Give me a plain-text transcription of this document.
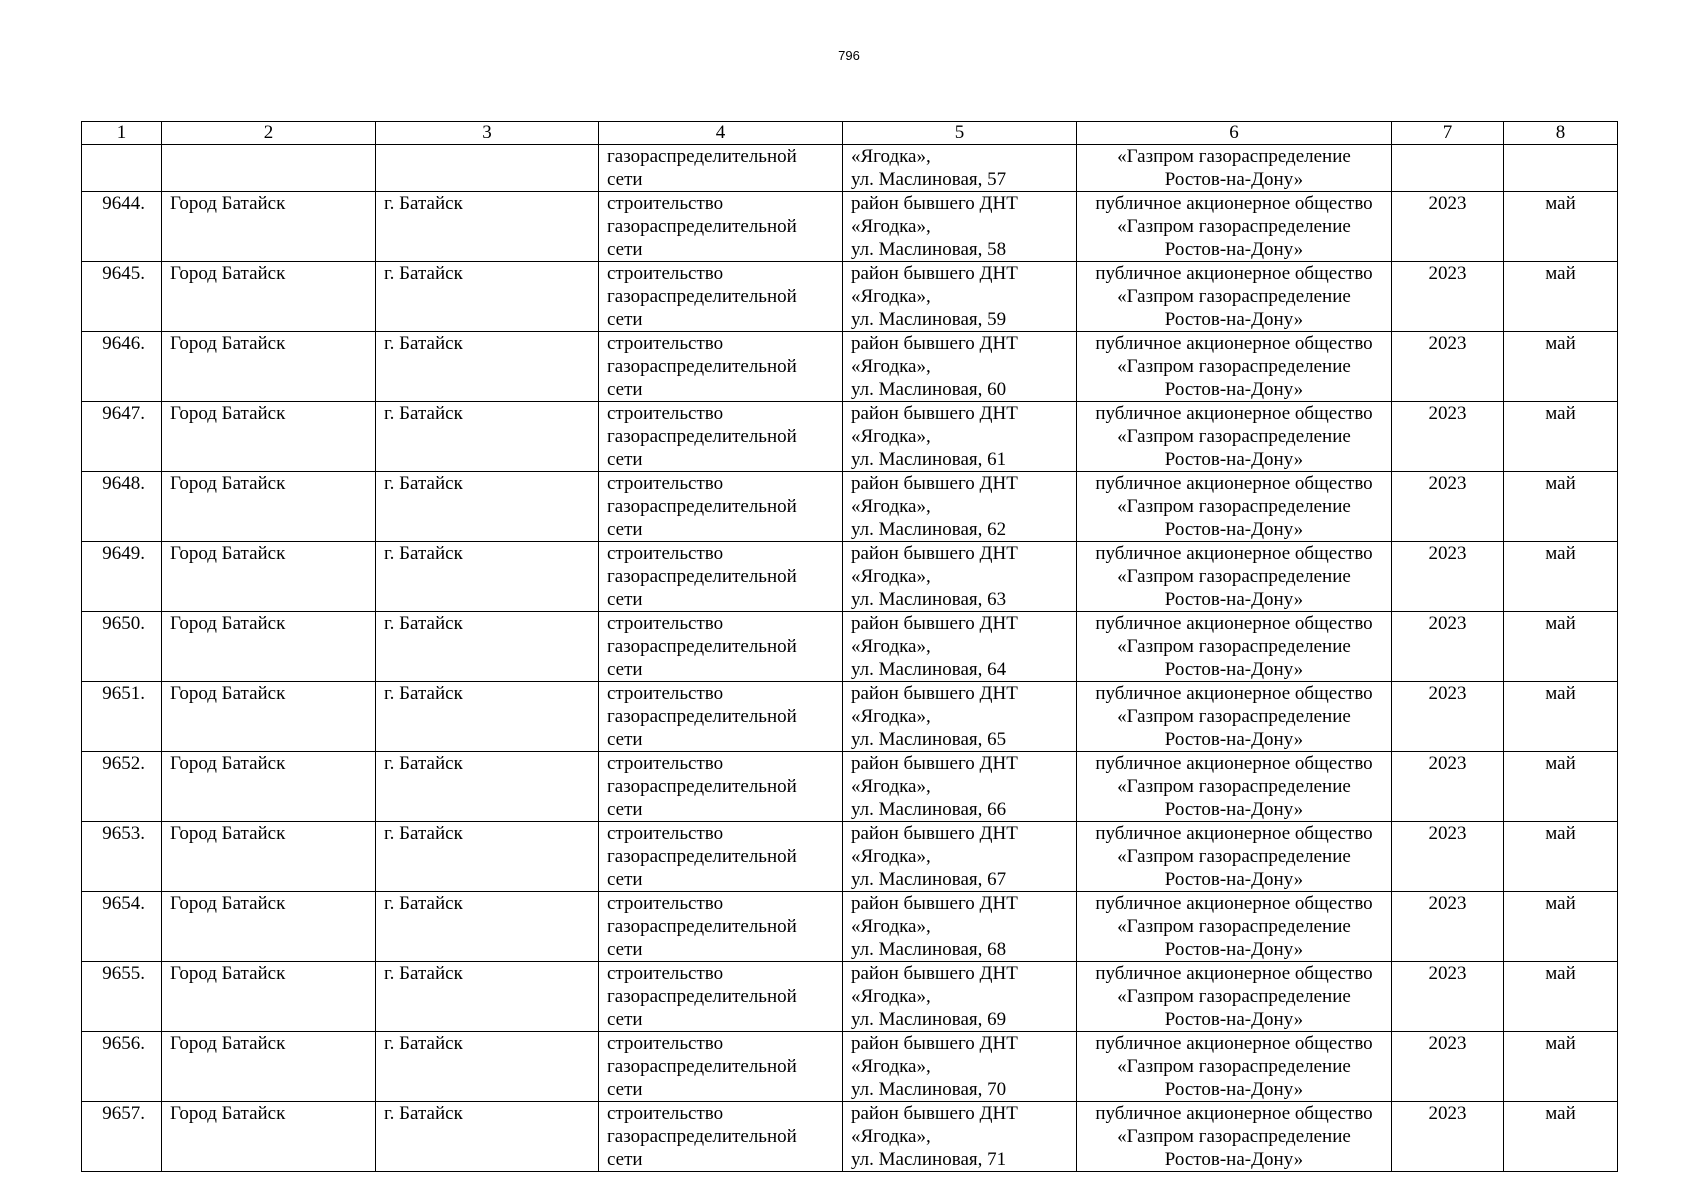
796
1	2	3	4	5	6	7	8

			газораспределительной
сети	«Ягодка»,
ул. Маслиновая, 57	«Газпром газораспределение
Ростов-на-Дону»		

9644.	Город Батайск	г. Батайск	строительство
газораспределительной
сети	район бывшего ДНТ
«Ягодка»,
ул. Маслиновая, 58	публичное акционерное общество
«Газпром газораспределение
Ростов-на-Дону»	2023	май
9645.	Город Батайск	г. Батайск	строительство
газораспределительной
сети	район бывшего ДНТ
«Ягодка»,
ул. Маслиновая, 59	публичное акционерное общество
«Газпром газораспределение
Ростов-на-Дону»	2023	май
9646.	Город Батайск	г. Батайск	строительство
газораспределительной
сети	район бывшего ДНТ
«Ягодка»,
ул. Маслиновая, 60	публичное акционерное общество
«Газпром газораспределение
Ростов-на-Дону»	2023	май
9647.	Город Батайск	г. Батайск	строительство
газораспределительной
сети	район бывшего ДНТ
«Ягодка»,
ул. Маслиновая, 61	публичное акционерное общество
«Газпром газораспределение
Ростов-на-Дону»	2023	май
9648.	Город Батайск	г. Батайск	строительство
газораспределительной
сети	район бывшего ДНТ
«Ягодка»,
ул. Маслиновая, 62	публичное акционерное общество
«Газпром газораспределение
Ростов-на-Дону»	2023	май
9649.	Город Батайск	г. Батайск	строительство
газораспределительной
сети	район бывшего ДНТ
«Ягодка»,
ул. Маслиновая, 63	публичное акционерное общество
«Газпром газораспределение
Ростов-на-Дону»	2023	май
9650.	Город Батайск	г. Батайск	строительство
газораспределительной
сети	район бывшего ДНТ
«Ягодка»,
ул. Маслиновая, 64	публичное акционерное общество
«Газпром газораспределение
Ростов-на-Дону»	2023	май
9651.	Город Батайск	г. Батайск	строительство
газораспределительной
сети	район бывшего ДНТ
«Ягодка»,
ул. Маслиновая, 65	публичное акционерное общество
«Газпром газораспределение
Ростов-на-Дону»	2023	май
9652.	Город Батайск	г. Батайск	строительство
газораспределительной
сети	район бывшего ДНТ
«Ягодка»,
ул. Маслиновая, 66	публичное акционерное общество
«Газпром газораспределение
Ростов-на-Дону»	2023	май
9653.	Город Батайск	г. Батайск	строительство
газораспределительной
сети	район бывшего ДНТ
«Ягодка»,
ул. Маслиновая, 67	публичное акционерное общество
«Газпром газораспределение
Ростов-на-Дону»	2023	май
9654.	Город Батайск	г. Батайск	строительство
газораспределительной
сети	район бывшего ДНТ
«Ягодка»,
ул. Маслиновая, 68	публичное акционерное общество
«Газпром газораспределение
Ростов-на-Дону»	2023	май
9655.	Город Батайск	г. Батайск	строительство
газораспределительной
сети	район бывшего ДНТ
«Ягодка»,
ул. Маслиновая, 69	публичное акционерное общество
«Газпром газораспределение
Ростов-на-Дону»	2023	май
9656.	Город Батайск	г. Батайск	строительство
газораспределительной
сети	район бывшего ДНТ
«Ягодка»,
ул. Маслиновая, 70	публичное акционерное общество
«Газпром газораспределение
Ростов-на-Дону»	2023	май
9657.	Город Батайск	г. Батайск	строительство
газораспределительной
сети	район бывшего ДНТ
«Ягодка»,
ул. Маслиновая, 71	публичное акционерное общество
«Газпром газораспределение
Ростов-на-Дону»	2023	май
